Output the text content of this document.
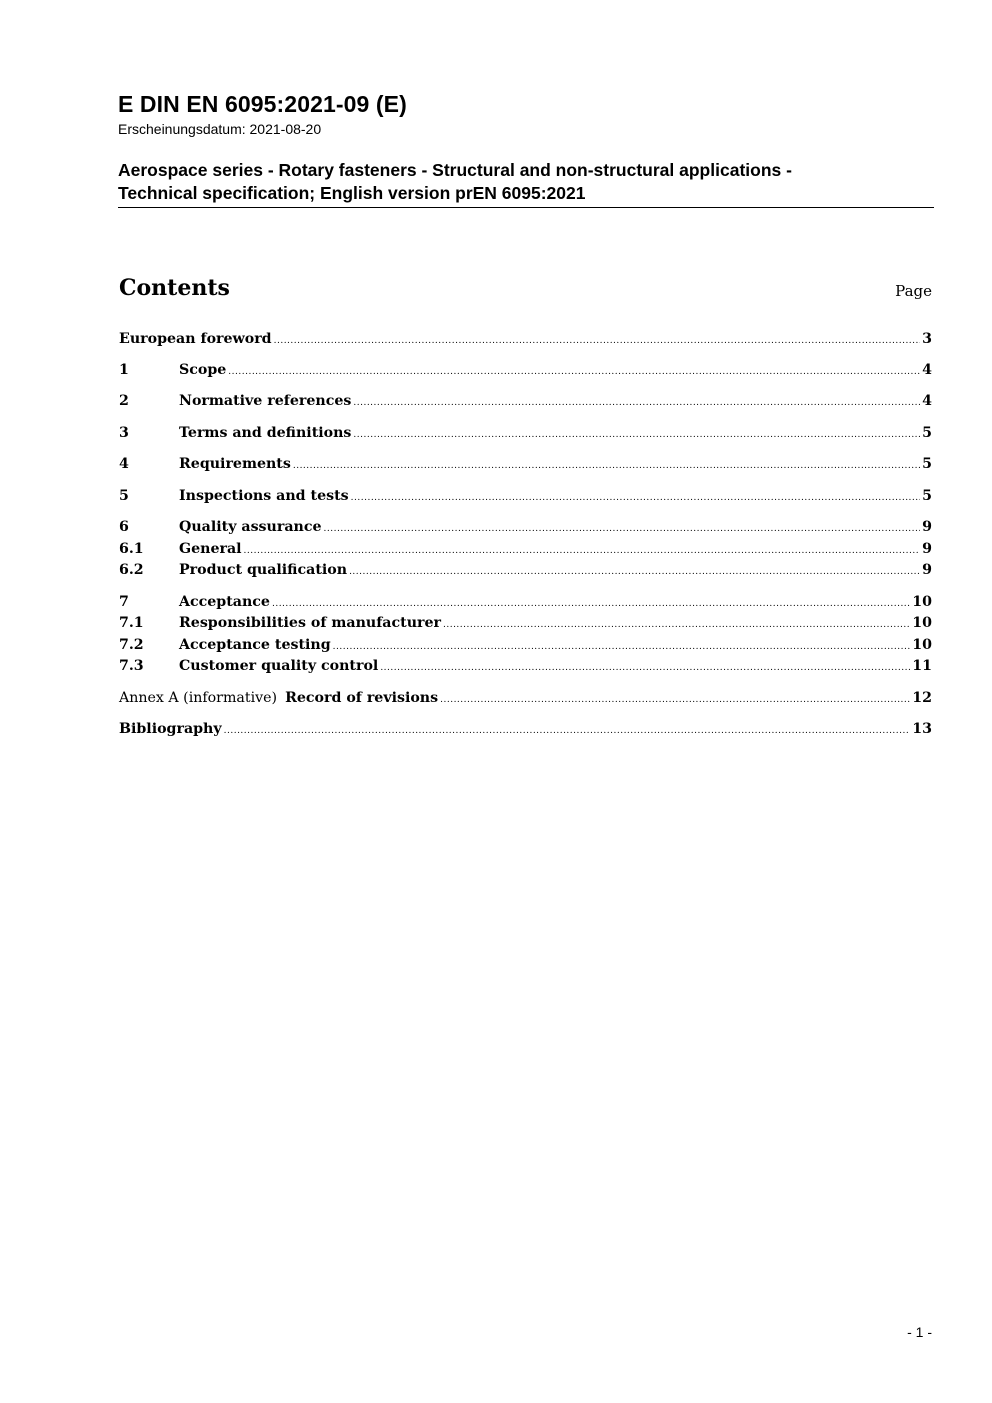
E DIN EN 6095:2021-09 (E)
Erscheinungsdatum: 2021-08-20
Aerospace series - Rotary fasteners - Structural and non-structural applications -
Technical specification; English version prEN 6095:2021
Contents	Page
European foreword .....	3
1	Scope .....	4
2	Normative references .....	4
3	Terms and definitions .....	5
4	Requirements .....	5
5	Inspections and tests .....	5
6	Quality assurance .....	9
6.1	General .....	9
6.2	Product qualification .....	9
7	Acceptance .....	10
7.1	Responsibilities of manufacturer .....	10
7.2	Acceptance testing .....	10
7.3	Customer quality control .....	11
Annex A (informative) Record of revisions .....	12
Bibliography .....	13
- 1 -
